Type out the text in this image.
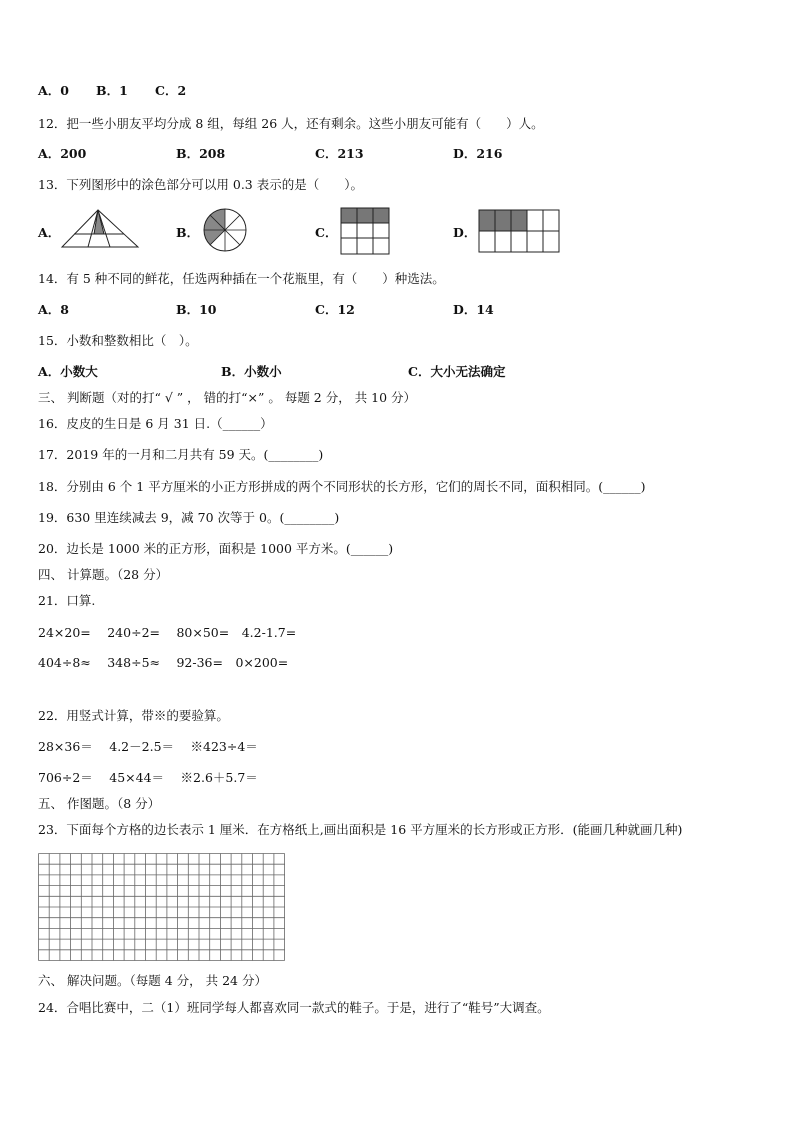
A．0 B．1 C．2
12．把一些小朋友平均分成 8 组，每组 26 人，还有剩余。这些小朋友可能有（　　）人。
A．200	B．208	C．213	D．216
13．下列图形中的涂色部分可以用 0.3 表示的是（　　）。
A．	B．	C．	D．
14．有 5 种不同的鲜花，任选两种插在一个花瓶里，有（　　）种选法。
A．8	B．10	C．12	D．14
15．小数和整数相比（　）。
A．小数大	B．小数小	C．大小无法确定
三、 判断题（对的打“ √ ” ， 错的打“×” 。 每题 2 分， 共 10 分）
16．皮皮的生日是 6 月 31 日.（______）
17．2019 年的一月和二月共有 59 天。(________)
18．分别由 6 个 1 平方厘米的小正方形拼成的两个不同形状的长方形，它们的周长不同，面积相同。(______)
19．630 里连续减去 9，减 70 次等于 0。(________)
20．边长是 1000 米的正方形，面积是 1000 平方米。(______)
四、 计算题。（28 分）
21．口算.
24×20=　 240÷2=　 80×50=　4.2-1.7=
404÷8≈　 348÷5≈　 92-36=　0×200=
22．用竖式计算，带※的要验算。
28×36＝　 4.2－2.5＝　 ※423÷4＝
706÷2＝　 45×44＝　 ※2.6＋5.7＝
五、 作图题。（8 分）
23．下面每个方格的边长表示 1 厘米．在方格纸上,画出面积是 16 平方厘米的长方形或正方形．(能画几种就画几种)
六、 解决问题。（每题 4 分， 共 24 分）
24．合唱比赛中，二（1）班同学每人都喜欢同一款式的鞋子。于是，进行了“鞋号”大调查。
